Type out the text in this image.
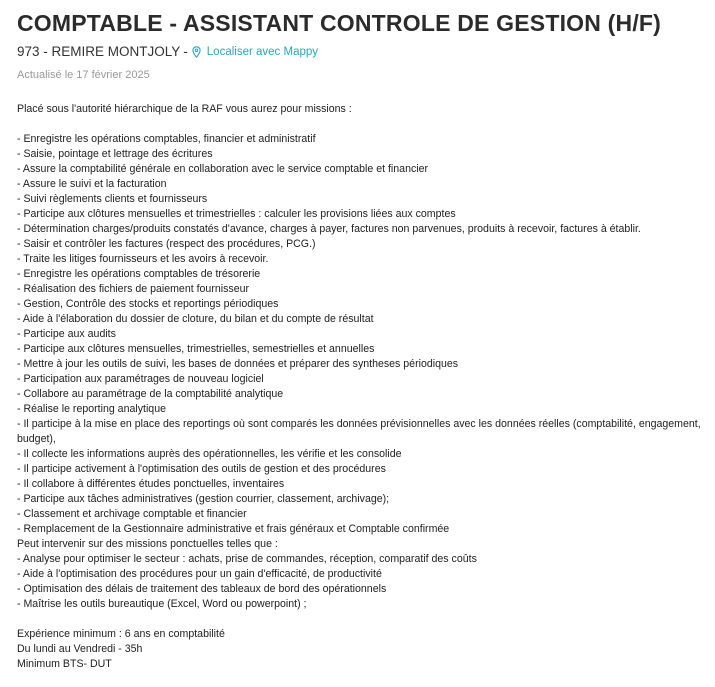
COMPTABLE - ASSISTANT CONTROLE DE GESTION (H/F)
973 - REMIRE MONTJOLY - Localiser avec Mappy
Actualisé le 17 février 2025
Placé sous l'autorité hiérarchique de la RAF vous aurez pour missions :
- Enregistre les opérations comptables, financier et administratif
- Saisie, pointage et lettrage des écritures
- Assure la comptabilité générale en collaboration avec le service comptable et financier
- Assure le suivi et la facturation
- Suivi règlements clients et fournisseurs
- Participe aux clôtures mensuelles et trimestrielles : calculer les provisions liées aux comptes
- Détermination charges/produits constatés d'avance, charges à payer, factures non parvenues, produits à recevoir, factures à établir.
- Saisir et contrôler les factures (respect des procédures, PCG.)
- Traite les litiges fournisseurs et les avoirs à recevoir.
- Enregistre les opérations comptables de trésorerie
- Réalisation des fichiers de paiement fournisseur
- Gestion, Contrôle des stocks et reportings périodiques
- Aide à l'élaboration du dossier de cloture, du bilan et du compte de résultat
- Participe aux audits
- Participe aux clôtures mensuelles, trimestrielles, semestrielles et annuelles
- Mettre à jour les outils de suivi, les bases de données et préparer des syntheses périodiques
- Participation aux paramétrages de nouveau logiciel
- Collabore au paramétrage de la comptabilité analytique
- Réalise le reporting analytique
- Il participe à la mise en place des reportings où sont comparés les données prévisionnelles avec les données réelles (comptabilité, engagement, budget),
- Il collecte les informations auprès des opérationnelles, les vérifie et les consolide
- Il participe activement à l'optimisation des outils de gestion et des procédures
- Il collabore à différentes études ponctuelles, inventaires
- Participe aux tâches administratives (gestion courrier, classement, archivage);
- Classement et archivage comptable et financier
- Remplacement de la Gestionnaire administrative et frais généraux et Comptable confirmée
Peut intervenir sur des missions ponctuelles telles que :
- Analyse pour optimiser le secteur : achats, prise de commandes, réception, comparatif des coûts
- Aide à l'optimisation des procédures pour un gain d'efficacité, de productivité
- Optimisation des délais de traitement des tableaux de bord des opérationnels
- Maîtrise les outils bureautique (Excel, Word ou powerpoint) ;
Expérience minimum : 6 ans en comptabilité
Du lundi au Vendredi - 35h
Minimum BTS- DUT
